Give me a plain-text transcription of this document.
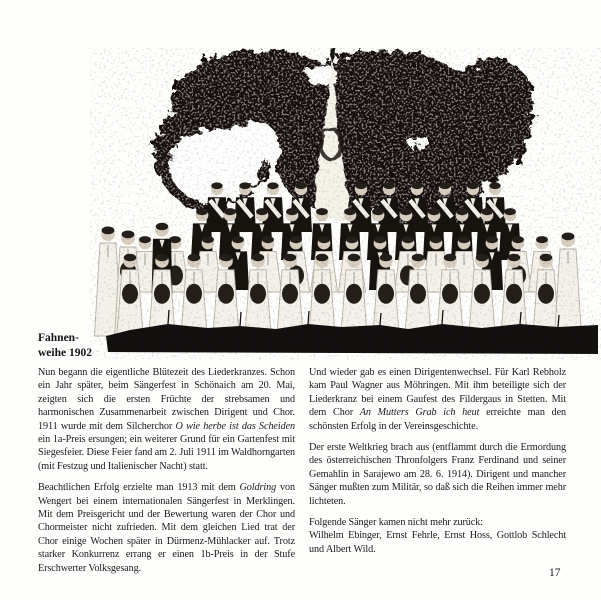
Fahnen-
weihe 1902

Nun begann die eigentliche Blütezeit des Liederkranzes. Schon ein Jahr später, beim Sängerfest in Schönaich am 20. Mai, zeigten sich die ersten Früchte der strebsamen und harmonischen Zusammenarbeit zwischen Dirigent und Chor. 1911 wurde mit dem Silcherchor O wie herbe ist das Scheiden ein 1a-Preis ersungen; ein weiterer Grund für ein Gartenfest mit Siegesfeier. Diese Feier fand am 2. Juli 1911 im Waldhorngarten (mit Festzug und Italienischer Nacht) statt.

Beachtlichen Erfolg erzielte man 1913 mit dem Goldring von Wengert bei einem internationalen Sängerfest in Merklingen. Mit dem Preisgericht und der Bewertung waren der Chor und Chormeister nicht zufrieden. Mit dem gleichen Lied trat der Chor einige Wochen später in Dürmenz-Mühlacker auf. Trotz starker Konkurrenz errang er einen 1b-Preis in der Stufe Erschwerter Volksgesang.

Und wieder gab es einen Dirigentenwechsel. Für Karl Rebholz kam Paul Wagner aus Möhringen. Mit ihm beteiligte sich der Liederkranz bei einem Gaufest des Fildergaus in Stetten. Mit dem Chor An Mutters Grab ich heut erreichte man den schönsten Erfolg in der Vereinsgeschichte.

Der erste Weltkrieg brach aus (entflammt durch die Ermordung des österreichischen Thronfolgers Franz Ferdinand und seiner Gemahlin in Sarajewo am 28. 6. 1914). Dirigent und mancher Sänger mußten zum Militär, so daß sich die Reihen immer mehr lichteten.

Folgende Sänger kamen nicht mehr zurück:
Wilhelm Ebinger, Ernst Fehrle, Ernst Hoss, Gottlob Schlecht und Albert Wild.

17
